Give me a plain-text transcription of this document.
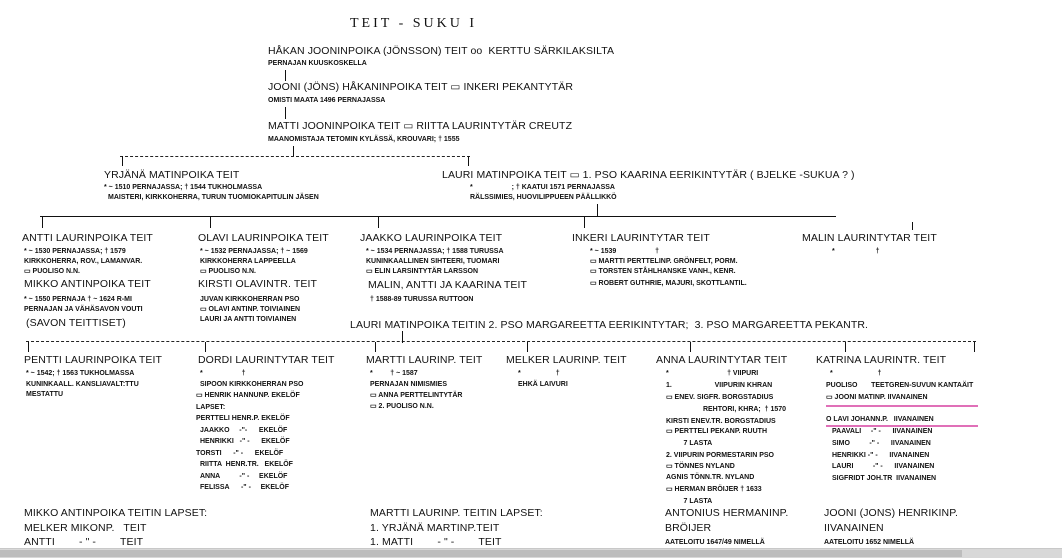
TEIT - SUKU I
HÅKAN JOONINPOIKA (JÖNSSON) TEIT oo  KERTTU SÄRKILAKSILTA
PERNAJAN KUUSKOSKELLA
JOONI (JÖNS) HÅKANINPOIKA TEIT ▭ INKERI PEKANTYTÄR
OMISTI MAATA 1496 PERNAJASSA
MATTI JOONINPOIKA TEIT ▭ RIITTA LAURINTYTÄR CREUTZ
MAANOMISTAJA TETOMIN KYLÄSSÄ, KROUVARI; † 1555
YRJÄNÄ MATINPOIKA TEIT
* ~ 1510 PERNAJASSA; † 1544 TUKHOLMASSA
MAISTERI, KIRKKOHERRA, TURUN TUOMIOKAPITULIN JÄSEN
LAURI MATINPOIKA TEIT ▭ 1. PSO KAARINA EERIKINTYTÄR ( BJELKE -SUKUA ? )
*                    ; † KAATUI 1571 PERNAJASSA
RÄLSSIMIES, HUOVILIPPUEEN PÄÄLLIKKÖ
ANTTI LAURINPOIKA TEIT
* ~ 1530 PERNAJASSA; † 1579
KIRKKOHERRA, ROV., LAMANVAR.
▭ PUOLISO N.N.
MIKKO ANTINPOIKA TEIT
* ~ 1550 PERNAJA † ~ 1624 R-MI
PERNAJAN JA VÄHÄSAVON VOUTI
(SAVON TEITTISET)
OLAVI LAURINPOIKA TEIT
* ~ 1532 PERNAJASSA; † ~ 1569
KIRKKOHERRA LAPPEELLA
▭ PUOLISO N.N.
KIRSTI OLAVINTR. TEIT
JUVAN KIRKKOHERRAN PSO
▭ OLAVI ANTINP. TOIVIAINEN
LAURI JA ANTTI TOIVIAINEN
JAAKKO LAURINPOIKA TEIT
* ~ 1534 PERNAJASSA; † 1588 TURUSSA
KUNINKAALLINEN SIHTEERI, TUOMARI
▭ ELIN LARSINTYTÄR LARSSON
MALIN, ANTTI JA KAARINA TEIT
† 1588-89 TURUSSA RUTTOON
INKERI LAURINTYTAR TEIT
* ~ 1539                    †
▭ MARTTI PERTTELINP. GRÖNFELT, PORM.
▭ TORSTEN STÅHLHANSKE VANH., KENR.
▭ ROBERT GUTHRIE, MAJURI, SKOTTLANTIL.
MALIN LAURINTYTAR TEIT
*                     †
LAURI MATINPOIKA TEITIN 2. PSO MARGAREETTA EERIKINTYTAR;  3. PSO MARGAREETTA PEKANTR.
PENTTI LAURINPOIKA TEIT
* ~ 1542; † 1563 TUKHOLMASSA
KUNINKAALL. KANSLIAVALT:TTU
MESTATTU
DORDI LAURINTYTAR TEIT
*                    †
SIPOON KIRKKOHERRAN PSO
▭ HENRIK HANNUNP. EKELÖF
LAPSET:
PERTTELI HENR.P. EKELÖF
JAAKKO     -"-      EKELÖF
HENRIKKI   -" -      EKELÖF
TORSTI      -" -      EKELÖF
RIITTA  HENR.TR.   EKELÖF
ANNA          -" -     EKELÖF
FELISSA      -" -     EKELÖF
MARTTI LAURINP. TEIT
*         † ~ 1587
PERNAJAN NIMISMIES
▭ ANNA PERTTELINTYTÄR
▭ 2. PUOLISO N.N.
MELKER LAURINP. TEIT
*                  †
EHKÄ LAIVURI
ANNA LAURINTYTAR TEIT
*                              † VIIPURI
1.                      VIIPURIN KHRAN
▭ ENEV. SIGFR. BORGSTADIUS
REHTORI, KHRA;  † 1570
KIRSTI ENEV.TR. BORGSTADIUS
▭ PERTTELI PEKANP. RUUTH
7 LASTA
2. VIIPURIN PORMESTARIN PSO
▭ TÖNNES NYLAND
AGNIS TÖNN.TR. NYLAND
▭ HERMAN BRÖIJER † 1633
7 LASTA
KATRINA LAURINTR. TEIT
*                       †
PUOLISO       TEETGREN-SUVUN KANTAÄIT
▭ JOONI MATINP. IIVANAINEN
O LAVI JOHANN.P.   IIVANAINEN
PAAVALI     -" -      IIVANAINEN
SIMO          -" -      IIVANAINEN
HENRIKKI -" -      IIVANAINEN
LAURI          -" -      IIVANAINEN
SIGFRIDT JOH.TR  IIVANAINEN
MIKKO ANTINPOIKA TEITIN LAPSET:
MELKER MIKONP.   TEIT
ANTTI        - " -        TEIT
MARTTI LAURINP. TEITIN LAPSET:
1. YRJÄNÄ MARTINP.TEIT
1. MATTI        - " -        TEIT
ANTONIUS HERMANINP.
BRÖIJER
AATELOITU 1647/49 NIMELLÄ
JOONI (JONS) HENRIKINP.
IIVANAINEN
AATELOITU 1652 NIMELLÄ
